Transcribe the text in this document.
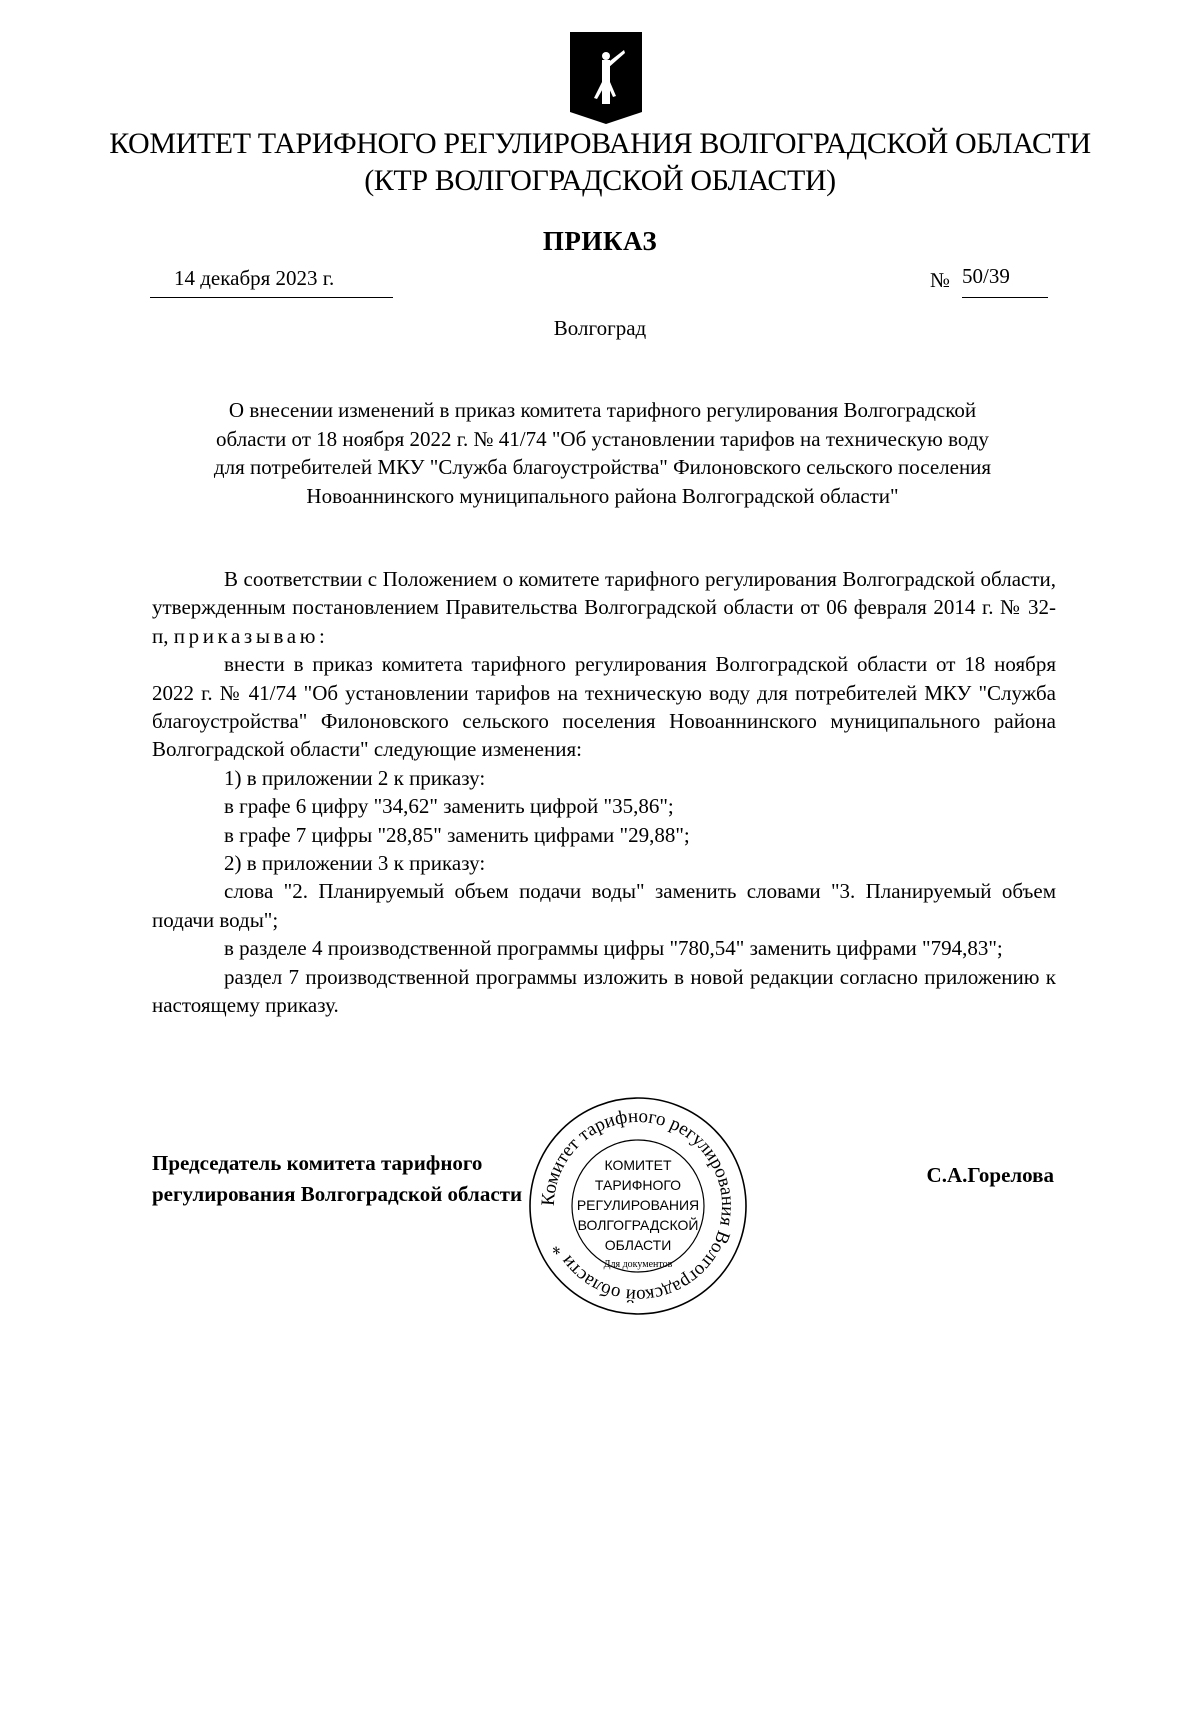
КОМИТЕТ ТАРИФНОГО РЕГУЛИРОВАНИЯ ВОЛГОГРАДСКОЙ ОБЛАСТИ
(КТР ВОЛГОГРАДСКОЙ ОБЛАСТИ)
ПРИКАЗ
14 декабря 2023 г.	№ 50/39
Волгоград
О внесении изменений в приказ комитета тарифного регулирования Волгоградской
области от 18 ноября 2022 г. № 41/74 "Об установлении тарифов на техническую воду
для потребителей МКУ "Служба благоустройства" Филоновского сельского поселения
Новоаннинского муниципального района Волгоградской области"

В соответствии с Положением о комитете тарифного регулирования Волгоградской области, утвержденным постановлением Правительства Волгоградской области от 06 февраля 2014 г. № 32-п, приказываю:

внести в приказ комитета тарифного регулирования Волгоградской области от 18 ноября 2022 г. № 41/74 "Об установлении тарифов на техническую воду для потребителей МКУ "Служба благоустройства" Филоновского сельского поселения Новоаннинского муниципального района Волгоградской области" следующие изменения:

1) в приложении 2 к приказу:

в графе 6 цифру "34,62" заменить цифрой "35,86";

в графе 7 цифры "28,85" заменить цифрами "29,88";

2) в приложении 3 к приказу:

слова "2. Планируемый объем подачи воды" заменить словами "3. Планируемый объем подачи воды";

в разделе 4 производственной программы цифры "780,54" заменить цифрами "794,83";

раздел 7 производственной программы изложить в новой редакции согласно приложению к настоящему приказу.

Председатель комитета тарифного
регулирования Волгоградской области
С.А.Горелова
Комитет тарифного регулирования Волгоградской области *
КОМИТЕТ
ТАРИФНОГО
РЕГУЛИРОВАНИЯ
ВОЛГОГРАДСКОЙ
ОБЛАСТИ
Для документов
